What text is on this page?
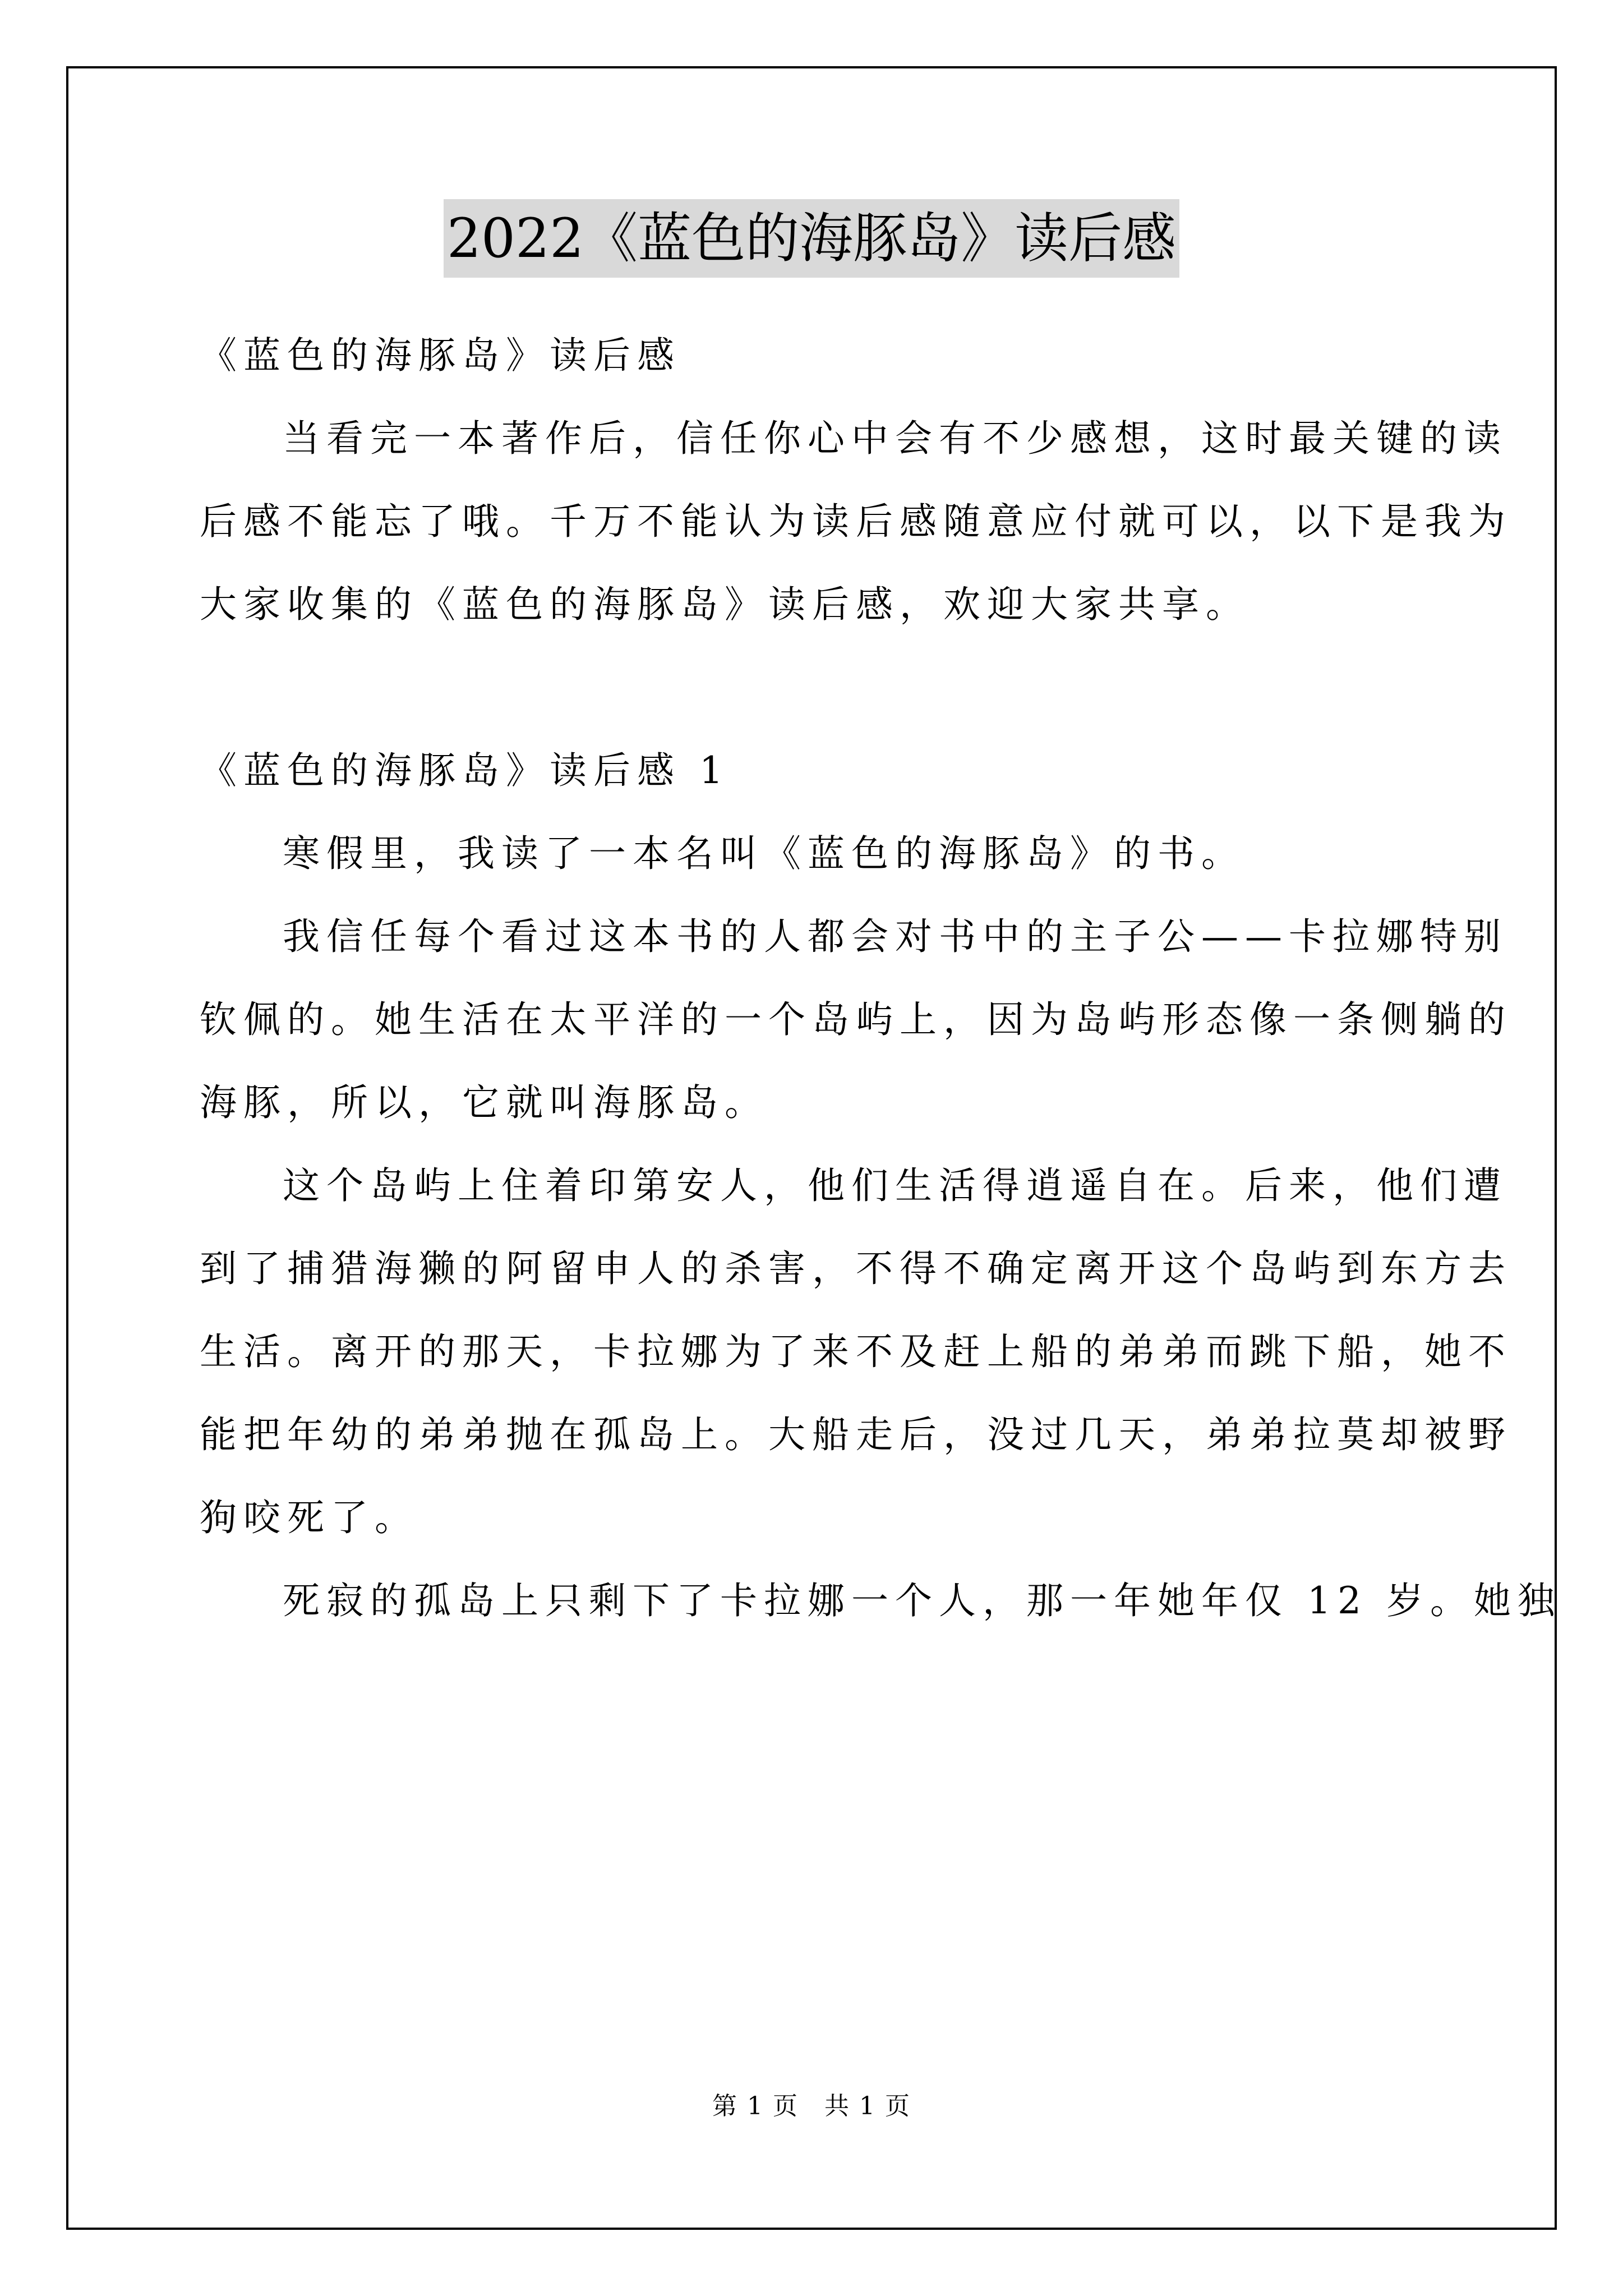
2022《蓝色的海豚岛》读后感
《蓝色的海豚岛》读后感
当看完一本著作后，信任你心中会有不少感想，这时最关键的读
后感不能忘了哦。千万不能认为读后感随意应付就可以，以下是我为
大家收集的《蓝色的海豚岛》读后感，欢迎大家共享。
《蓝色的海豚岛》读后感 1
寒假里，我读了一本名叫《蓝色的海豚岛》的书。
我信任每个看过这本书的人都会对书中的主子公——卡拉娜特别
钦佩的。她生活在太平洋的一个岛屿上，因为岛屿形态像一条侧躺的
海豚，所以，它就叫海豚岛。
这个岛屿上住着印第安人，他们生活得逍遥自在。后来，他们遭
到了捕猎海獭的阿留申人的杀害，不得不确定离开这个岛屿到东方去
生活。离开的那天，卡拉娜为了来不及赶上船的弟弟而跳下船，她不
能把年幼的弟弟抛在孤岛上。大船走后，没过几天，弟弟拉莫却被野
狗咬死了。
死寂的孤岛上只剩下了卡拉娜一个人，那一年她年仅 12 岁。她独
第 1 页　共 1 页
